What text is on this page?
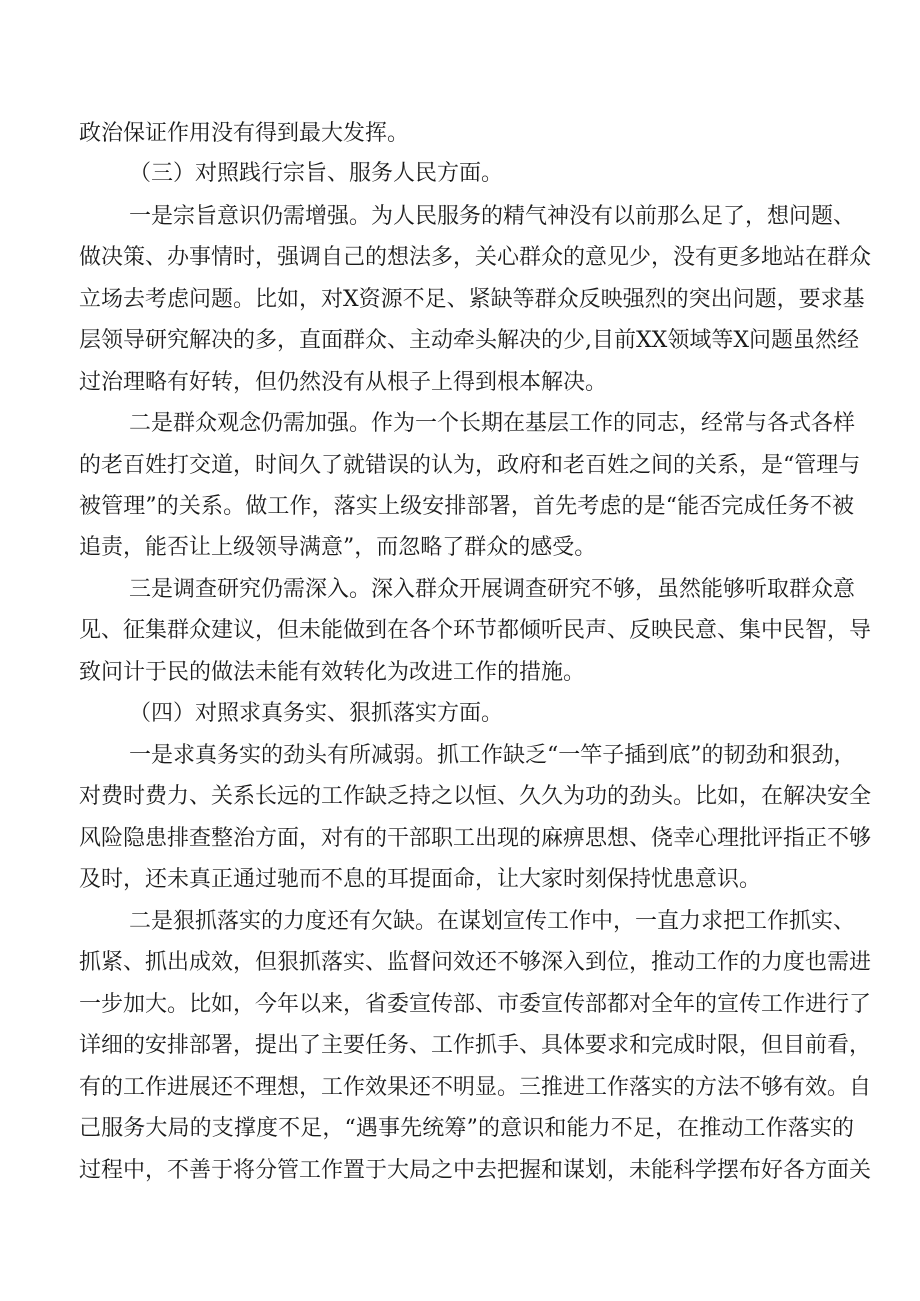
政治保证作用没有得到最大发挥。
（三）对照践行宗旨、服务人民方面。
一是宗旨意识仍需增强。为人民服务的精气神没有以前那么足了，想问题、
做决策、办事情时，强调自己的想法多，关心群众的意见少，没有更多地站在群众
立场去考虑问题。比如，对X资源不足、紧缺等群众反映强烈的突出问题，要求基
层领导研究解决的多，直面群众、主动牵头解决的少,目前XX领域等X问题虽然经
过治理略有好转，但仍然没有从根子上得到根本解决。
二是群众观念仍需加强。作为一个长期在基层工作的同志，经常与各式各样
的老百姓打交道，时间久了就错误的认为，政府和老百姓之间的关系，是“管理与
被管理”的关系。做工作，落实上级安排部署，首先考虑的是“能否完成任务不被
追责，能否让上级领导满意”，而忽略了群众的感受。
三是调查研究仍需深入。深入群众开展调查研究不够，虽然能够听取群众意
见、征集群众建议，但未能做到在各个环节都倾听民声、反映民意、集中民智，导
致问计于民的做法未能有效转化为改进工作的措施。
（四）对照求真务实、狠抓落实方面。
一是求真务实的劲头有所减弱。抓工作缺乏“一竿子插到底”的韧劲和狠劲，
对费时费力、关系长远的工作缺乏持之以恒、久久为功的劲头。比如，在解决安全
风险隐患排查整治方面，对有的干部职工出现的麻痹思想、侥幸心理批评指正不够
及时，还未真正通过驰而不息的耳提面命，让大家时刻保持忧患意识。
二是狠抓落实的力度还有欠缺。在谋划宣传工作中，一直力求把工作抓实、
抓紧、抓出成效，但狠抓落实、监督问效还不够深入到位，推动工作的力度也需进
一步加大。比如，今年以来，省委宣传部、市委宣传部都对全年的宣传工作进行了
详细的安排部署，提出了主要任务、工作抓手、具体要求和完成时限，但目前看，
有的工作进展还不理想，工作效果还不明显。三推进工作落实的方法不够有效。自
己服务大局的支撑度不足，“遇事先统筹”的意识和能力不足，在推动工作落实的
过程中，不善于将分管工作置于大局之中去把握和谋划，未能科学摆布好各方面关
